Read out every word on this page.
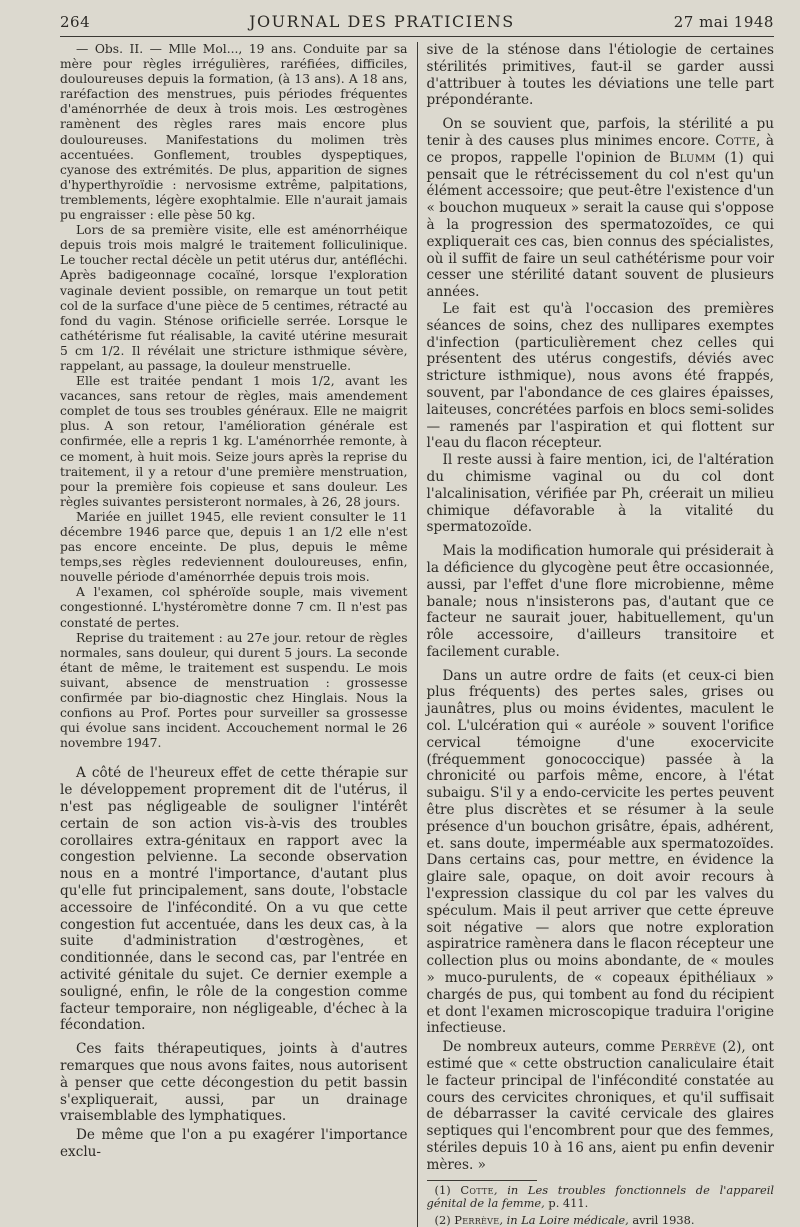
264	JOURNAL DES PRATICIENS	27 mai 1948

— Obs. II. — Mlle Mol..., 19 ans. Conduite par sa mère pour règles irrégulières, raréfiées, difficiles, douloureuses depuis la formation, (à 13 ans). A 18 ans, raréfaction des menstrues, puis périodes fréquentes d'aménorrhée de deux à trois mois. Les œstrogènes ramènent des règles rares mais encore plus douloureuses. Manifestations du molimen très accentuées. Gonflement, troubles dyspeptiques, cyanose des extrémités. De plus, apparition de signes d'hyperthyroïdie : nervosisme extrême, palpitations, tremblements, légère exophtalmie. Elle n'aurait jamais pu engraisser : elle pèse 50 kg.

Lors de sa première visite, elle est aménorrhéique depuis trois mois malgré le traitement folliculinique. Le toucher rectal décèle un petit utérus dur, antéfléchi. Après badigeonnage cocaïné, lorsque l'exploration vaginale devient possible, on remarque un tout petit col de la surface d'une pièce de 5 centimes, rétracté au fond du vagin. Sténose orificielle serrée. Lorsque le cathétérisme fut réalisable, la cavité utérine mesurait 5 cm 1/2. Il révélait une stricture isthmique sévère, rappelant, au passage, la douleur menstruelle.

Elle est traitée pendant 1 mois 1/2, avant les vacances, sans retour de règles, mais amendement complet de tous ses troubles généraux. Elle ne maigrit plus. A son retour, l'amélioration générale est confirmée, elle a repris 1 kg. L'aménorrhée remonte, à ce moment, à huit mois. Seize jours après la reprise du traitement, il y a retour d'une première menstruation, pour la première fois copieuse et sans douleur. Les règles suivantes persisteront normales, à 26, 28 jours.

Mariée en juillet 1945, elle revient consulter le 11 décembre 1946 parce que, depuis 1 an 1/2 elle n'est pas encore enceinte. De plus, depuis le même temps,ses règles redeviennent douloureuses, enfin, nouvelle période d'aménorrhée depuis trois mois.

A l'examen, col sphéroïde souple, mais vivement congestionné. L'hystéromètre donne 7 cm. Il n'est pas constaté de pertes.

Reprise du traitement : au 27e jour. retour de règles normales, sans douleur, qui durent 5 jours. La seconde étant de même, le traitement est suspendu. Le mois suivant, absence de menstruation : grossesse confirmée par bio-diagnostic chez Hinglais. Nous la confions au Prof. Portes pour surveiller sa grossesse qui évolue sans incident. Accouchement normal le 26 novembre 1947.

A côté de l'heureux effet de cette thérapie sur le développement proprement dit de l'utérus, il n'est pas négligeable de souligner l'intérêt certain de son action vis-à-vis des troubles corollaires extra-génitaux en rapport avec la congestion pelvienne. La seconde observation nous en a montré l'importance, d'autant plus qu'elle fut principalement, sans doute, l'obstacle accessoire de l'infécondité. On a vu que cette congestion fut accentuée, dans les deux cas, à la suite d'administration d'œstrogènes, et conditionnée, dans le second cas, par l'entrée en activité génitale du sujet. Ce dernier exemple a souligné, enfin, le rôle de la congestion comme facteur temporaire, non négligeable, d'échec à la fécondation.

Ces faits thérapeutiques, joints à d'autres remarques que nous avons faites, nous autorisent à penser que cette décongestion du petit bassin s'expliquerait, aussi, par un drainage vraisemblable des lymphatiques.

De même que l'on a pu exagérer l'importance exclu-

sive de la sténose dans l'étiologie de certaines stérilités primitives, faut-il se garder aussi d'attribuer à toutes les déviations une telle part prépondérante.

On se souvient que, parfois, la stérilité a pu tenir à des causes plus minimes encore. Cotte, à ce propos, rappelle l'opinion de Blumm (1) qui pensait que le rétrécissement du col n'est qu'un élément accessoire; que peut-être l'existence d'un « bouchon muqueux » serait la cause qui s'oppose à la progression des spermatozoïdes, ce qui expliquerait ces cas, bien connus des spécialistes, où il suffit de faire un seul cathétérisme pour voir cesser une stérilité datant souvent de plusieurs années.

Le fait est qu'à l'occasion des premières séances de soins, chez des nullipares exemptes d'infection (particulièrement chez celles qui présentent des utérus congestifs, déviés avec stricture isthmique), nous avons été frappés, souvent, par l'abondance de ces glaires épaisses, laiteuses, concrétées parfois en blocs semi-solides — ramenés par l'aspiration et qui flottent sur l'eau du flacon récepteur.

Il reste aussi à faire mention, ici, de l'altération du chimisme vaginal ou du col dont l'alcalinisation, vérifiée par Ph, créerait un milieu chimique défavorable à la vitalité du spermatozoïde.

Mais la modification humorale qui présiderait à la déficience du glycogène peut être occasionnée, aussi, par l'effet d'une flore microbienne, même banale; nous n'insisterons pas, d'autant que ce facteur ne saurait jouer, habituellement, qu'un rôle accessoire, d'ailleurs transitoire et facilement curable.

Dans un autre ordre de faits (et ceux-ci bien plus fréquents) des pertes sales, grises ou jaunâtres, plus ou moins évidentes, maculent le col. L'ulcération qui « auréole » souvent l'orifice cervical témoigne d'une exocervicite (fréquemment gonococcique) passée à la chronicité ou parfois même, encore, à l'état subaigu. S'il y a endo-cervicite les pertes peuvent être plus discrètes et se résumer à la seule présence d'un bouchon grisâtre, épais, adhérent, et. sans doute, imperméable aux spermatozoïdes. Dans certains cas, pour mettre, en évidence la glaire sale, opaque, on doit avoir recours à l'expression classique du col par les valves du spéculum. Mais il peut arriver que cette épreuve soit négative — alors que notre exploration aspiratrice ramènera dans le flacon récepteur une collection plus ou moins abondante, de « moules » muco-purulents, de « copeaux épithéliaux » chargés de pus, qui tombent au fond du récipient et dont l'examen microscopique traduira l'origine infectieuse.

De nombreux auteurs, comme Perrève (2), ont estimé que « cette obstruction canaliculaire était le facteur principal de l'infécondité constatée au cours des cervicites chroniques, et qu'il suffisait de débarrasser la cavité cervicale des glaires septiques qui l'encombrent pour que des femmes, stériles depuis 10 à 16 ans, aient pu enfin devenir mères. »

(1) Cotte, in Les troubles fonctionnels de l'appareil génital de la femme, p. 411.

(2) Perrève, in La Loire médicale, avril 1938.
